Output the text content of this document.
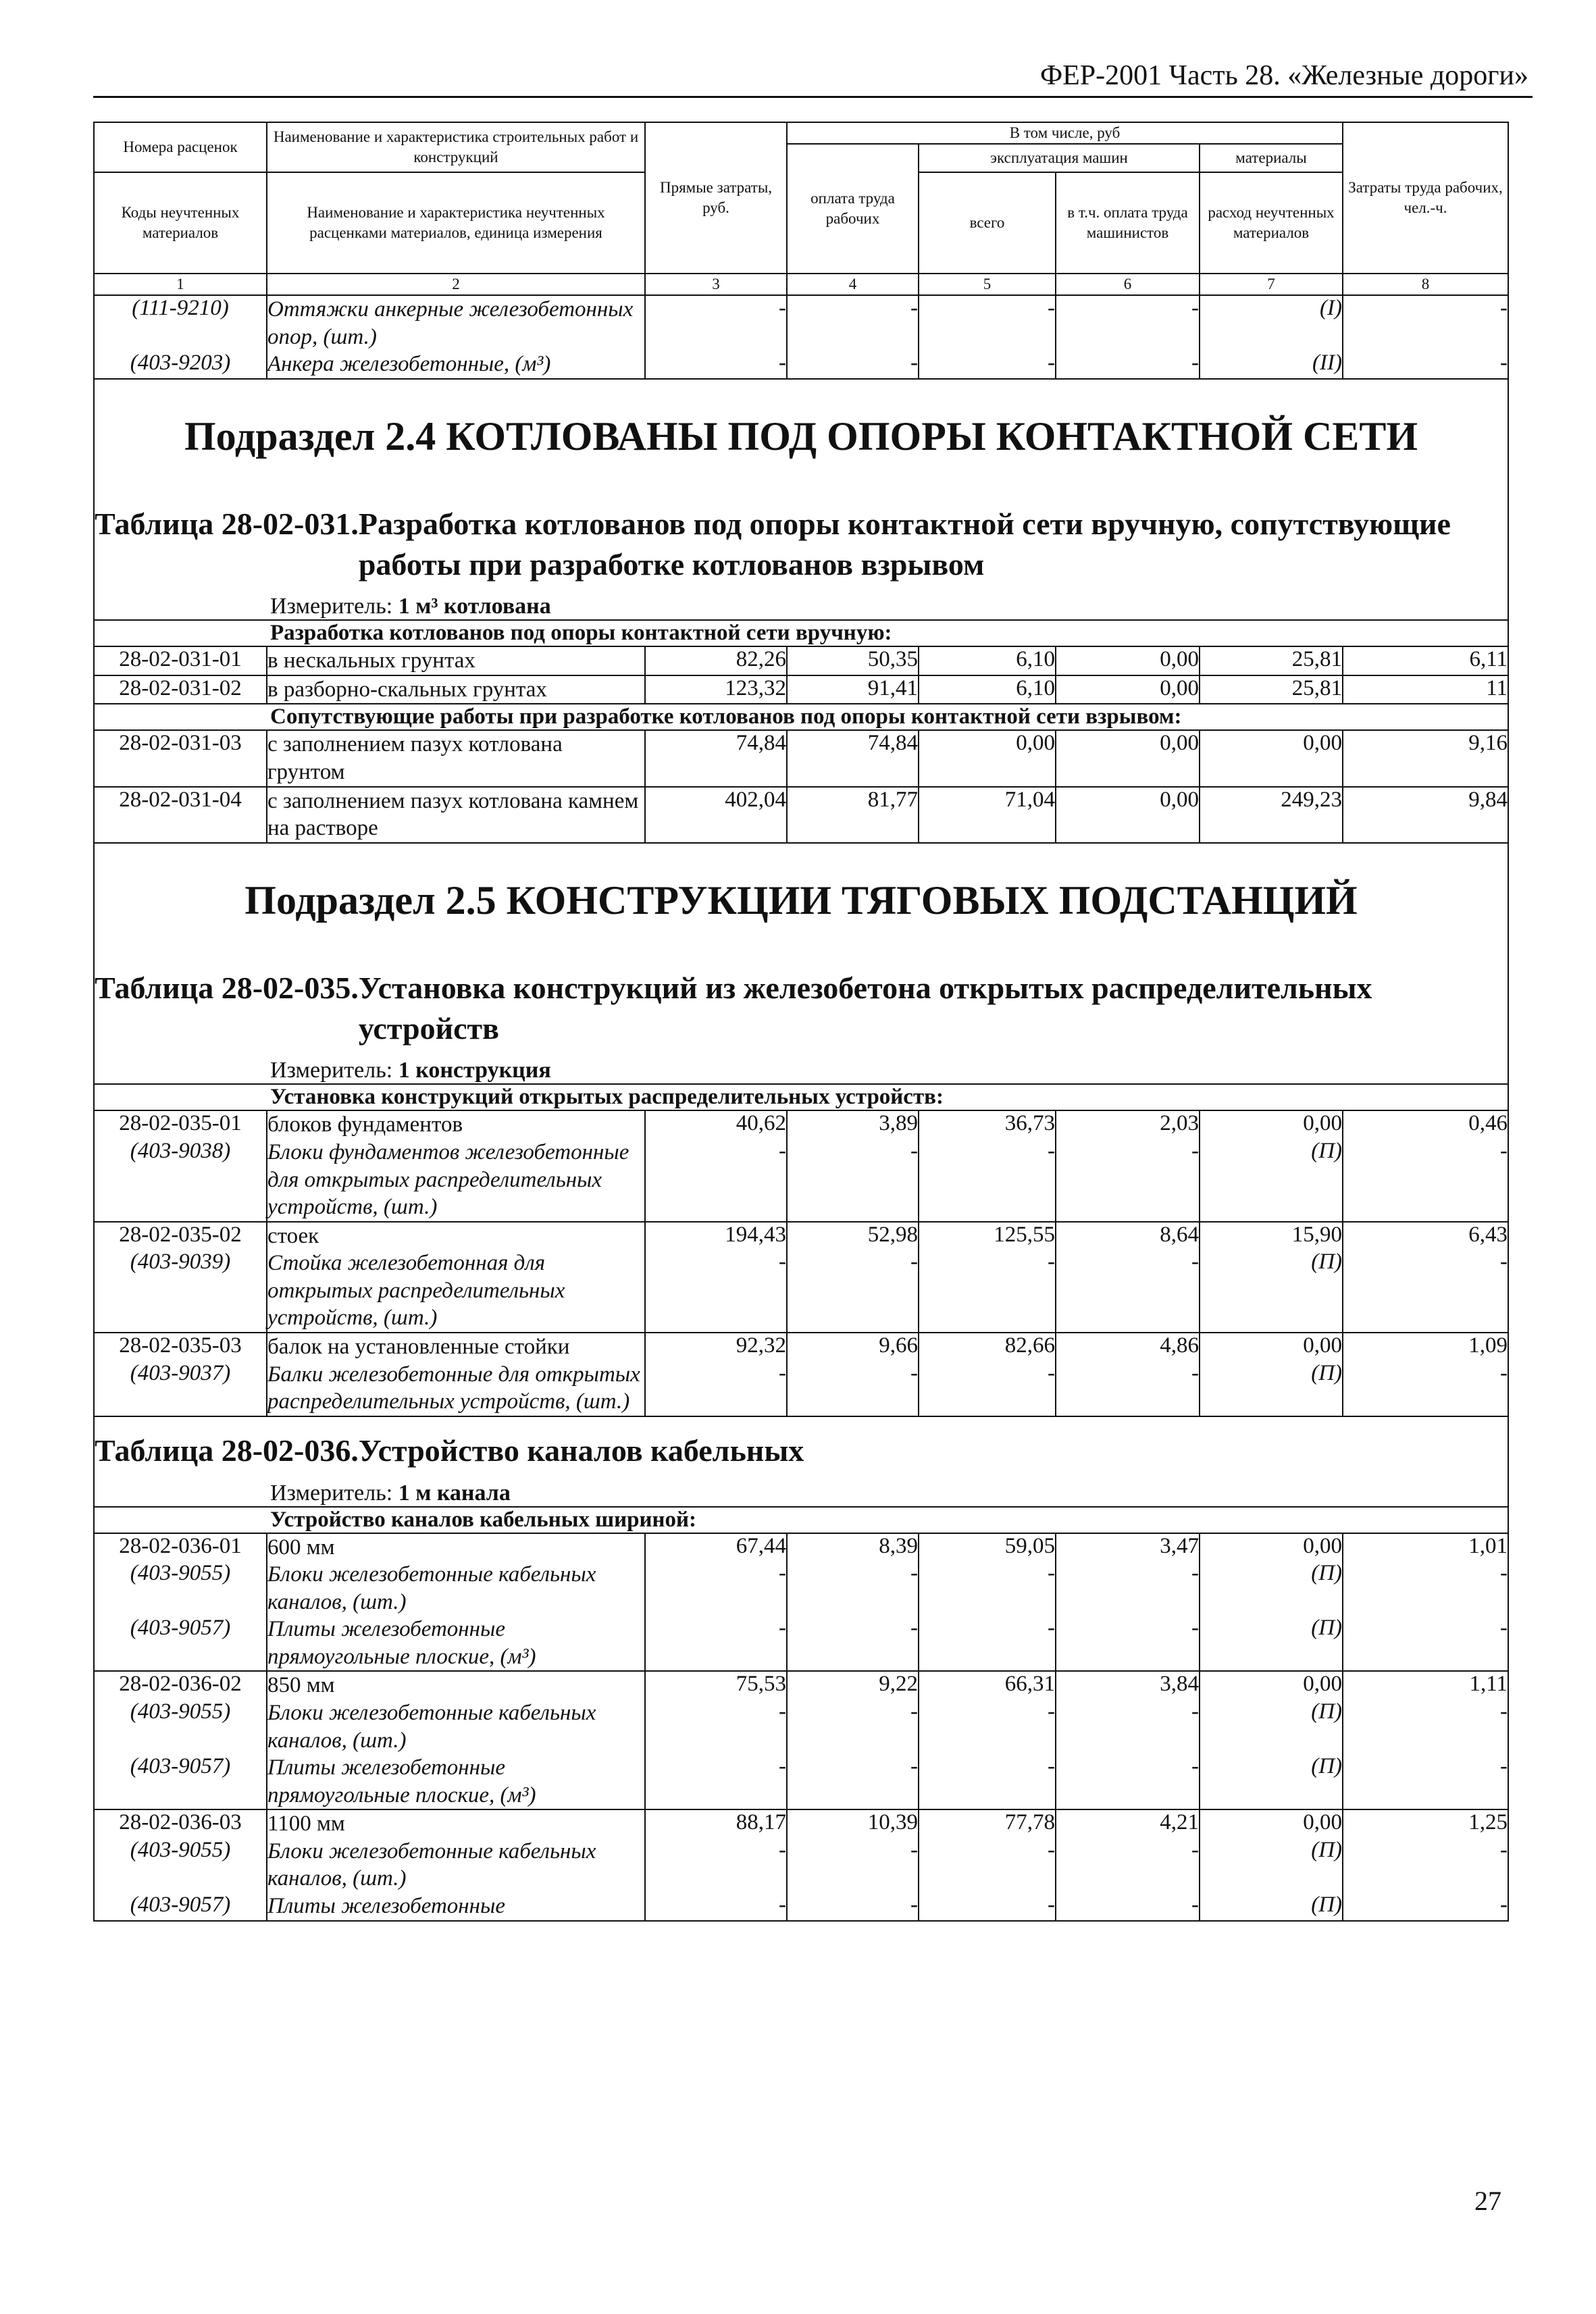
ФЕР-2001 Часть 28. «Железные дороги»
Номера расценок	Наименование и характеристика строительных работ и конструкций	Прямые затраты, руб.	В том числе, руб				Затраты труда рабочих, чел.-ч.
			оплата труда рабочих	эксплуатация машин		материалы	
Коды неучтенных материалов	Наименование и характеристика неучтенных расценками материалов, единица измерения			всего	в т.ч. оплата труда машинистов	расход неучтенных материалов	

1	2	3	4	5	6	7	8
(111-9210)	Оттяжки анкерные железобетонных опор, (шт.)	-	-	-	-	(I)	-
(403-9203)	Анкера железобетонные, (м³)	-	-	-	-	(II)	-

Подраздел 2.4 КОТЛОВАНЫ ПОД ОПОРЫ КОНТАКТНОЙ СЕТИ							

Таблица 28-02-031. Разработка котлованов под опоры контактной сети вручную, сопутствующие работы при разработке котлованов взрывом
Измеритель: 1 м³ котлована							

Разработка котлованов под опоры контактной сети вручную:							
28-02-031-01	в нескальных грунтах	82,26	50,35	6,10	0,00	25,81	6,11
28-02-031-02	в разборно-скальных грунтах	123,32	91,41	6,10	0,00	25,81	11
Сопутствующие работы при разработке котлованов под опоры контактной сети взрывом:							
28-02-031-03	с заполнением пазух котлована грунтом	74,84	74,84	0,00	0,00	0,00	9,16
28-02-031-04	с заполнением пазух котлована камнем на растворе	402,04	81,77	71,04	0,00	249,23	9,84

Подраздел 2.5 КОНСТРУКЦИИ ТЯГОВЫХ ПОДСТАНЦИЙ							

Таблица 28-02-035. Установка конструкций из железобетона открытых распределительных устройств
Измеритель: 1 конструкция							

Установка конструкций открытых распределительных устройств:							
28-02-035-01	блоков фундаментов	40,62	3,89	36,73	2,03	0,00	0,46
(403-9038)	Блоки фундаментов железобетонные для открытых распределительных устройств, (шт.)	-	-	-	-	(П)	-
28-02-035-02	стоек	194,43	52,98	125,55	8,64	15,90	6,43
(403-9039)	Стойка железобетонная для открытых распределительных устройств, (шт.)	-	-	-	-	(П)	-
28-02-035-03	балок на установленные стойки	92,32	9,66	82,66	4,86	0,00	1,09
(403-9037)	Балки железобетонные для открытых распределительных устройств, (шт.)	-	-	-	-	(П)	-

Таблица 28-02-036. Устройство каналов кабельных
Измеритель: 1 м канала							

Устройство каналов кабельных шириной:							
28-02-036-01	600 мм	67,44	8,39	59,05	3,47	0,00	1,01
(403-9055)	Блоки железобетонные кабельных каналов, (шт.)	-	-	-	-	(П)	-
(403-9057)	Плиты железобетонные прямоугольные плоские, (м³)	-	-	-	-	(П)	-
28-02-036-02	850 мм	75,53	9,22	66,31	3,84	0,00	1,11
(403-9055)	Блоки железобетонные кабельных каналов, (шт.)	-	-	-	-	(П)	-
(403-9057)	Плиты железобетонные прямоугольные плоские, (м³)	-	-	-	-	(П)	-
28-02-036-03	1100 мм	88,17	10,39	77,78	4,21	0,00	1,25
(403-9055)	Блоки железобетонные кабельных каналов, (шт.)	-	-	-	-	(П)	-
(403-9057)	Плиты железобетонные	-	-	-	-	(П)	-
27
